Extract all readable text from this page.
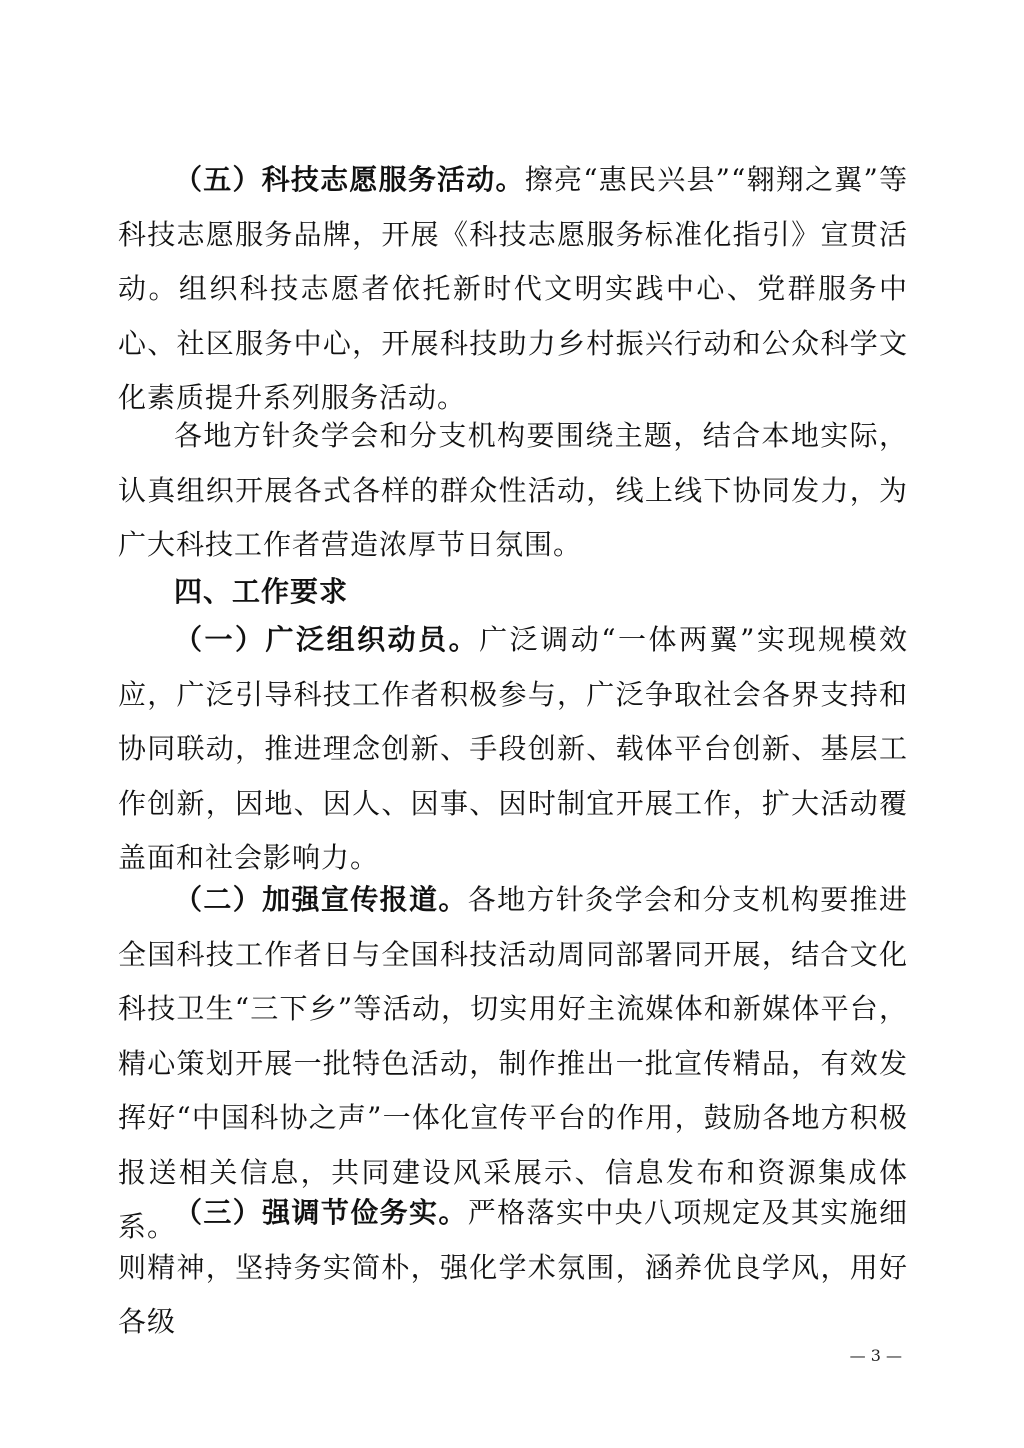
（五）科技志愿服务活动。擦亮“惠民兴县”“翱翔之翼”等科技志愿服务品牌，开展《科技志愿服务标准化指引》宣贯活动。组织科技志愿者依托新时代文明实践中心、党群服务中心、社区服务中心，开展科技助力乡村振兴行动和公众科学文化素质提升系列服务活动。

各地方针灸学会和分支机构要围绕主题，结合本地实际，认真组织开展各式各样的群众性活动，线上线下协同发力，为广大科技工作者营造浓厚节日氛围。

四、工作要求

（一）广泛组织动员。广泛调动“一体两翼”实现规模效应，广泛引导科技工作者积极参与，广泛争取社会各界支持和协同联动，推进理念创新、手段创新、载体平台创新、基层工作创新，因地、因人、因事、因时制宜开展工作，扩大活动覆盖面和社会影响力。

（二）加强宣传报道。各地方针灸学会和分支机构要推进全国科技工作者日与全国科技活动周同部署同开展，结合文化科技卫生“三下乡”等活动，切实用好主流媒体和新媒体平台，精心策划开展一批特色活动，制作推出一批宣传精品，有效发挥好“中国科协之声”一体化宣传平台的作用，鼓励各地方积极报送相关信息，共同建设风采展示、信息发布和资源集成体系。

（三）强调节俭务实。严格落实中央八项规定及其实施细则精神，坚持务实简朴，强化学术氛围，涵养优良学风，用好各级

— 3 —
